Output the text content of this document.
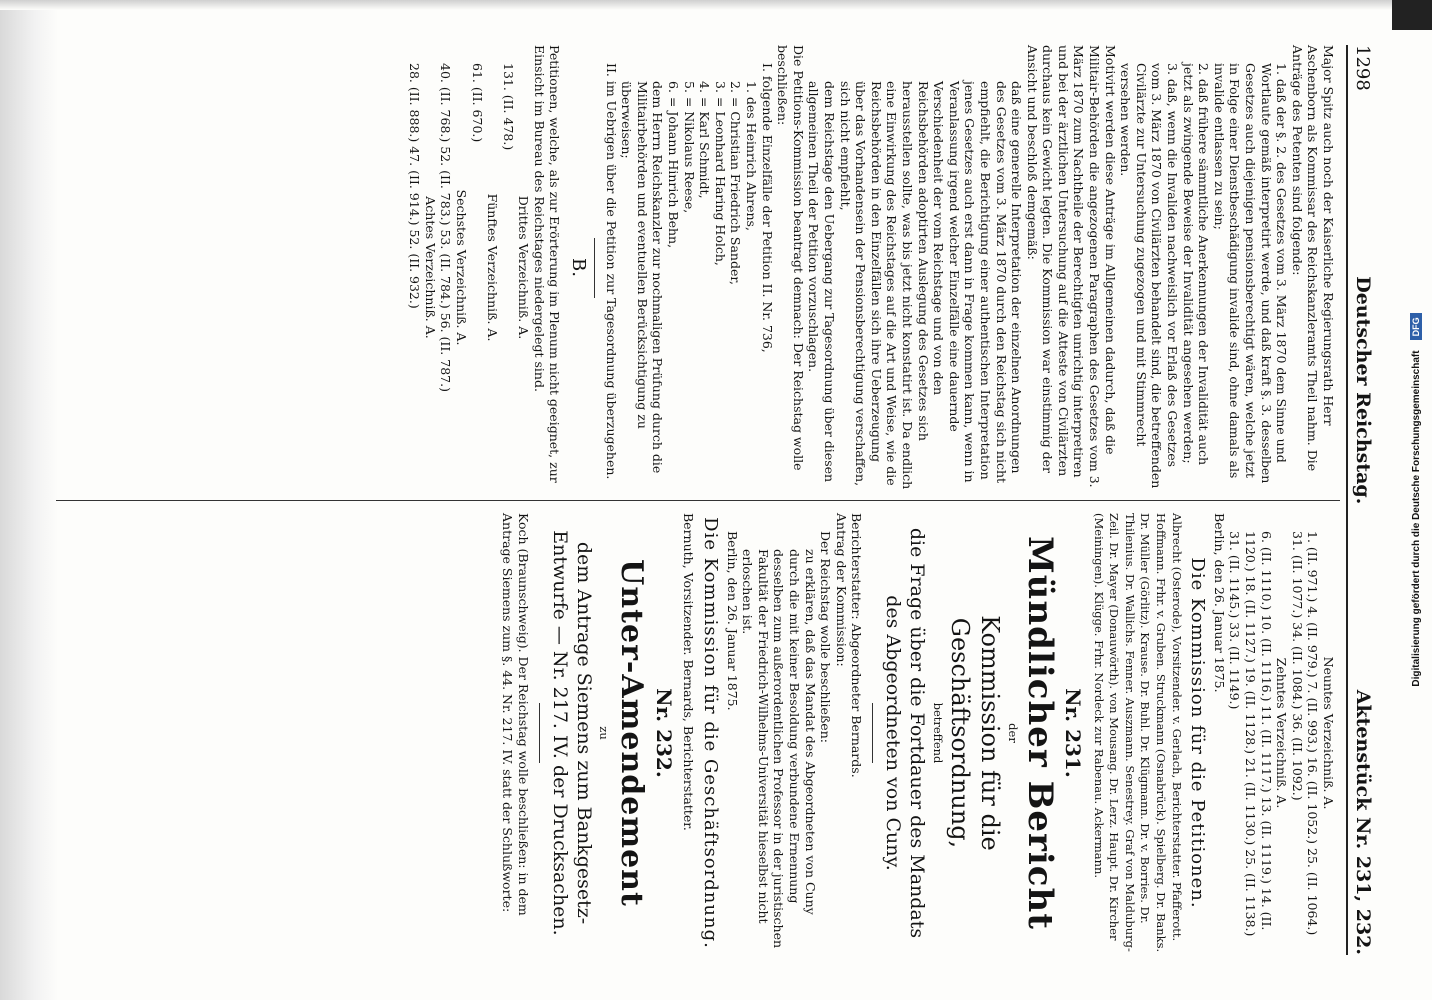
Digitalisierung gefördert durch die Deutsche Forschungsgemeinschaft
DFG
1298
Deutscher Reichstag.
Aktenstück Nr. 231, 232.

Major Spitz auch noch der Kaiserliche Regierungsrath Herr Aschenborn als Kommissar des Reichskanzleramts Theil nahm. Die Anträge des Petenten sind folgende:

1. daß der §. 2. des Gesetzes vom 3. März 1870 dem Sinne und Wortlaute gemäß interpretirt werde, und daß kraft §. 3. desselben Gesetzes auch diejenigen pensionsberechtigt wären, welche jetzt in Folge einer Dienstbeschädigung invalide sind, ohne damals als invalide entlassen zu sein;

2. daß frühere sämmtliche Anerkennungen der Invalidität auch jetzt als zwingende Beweise der Invalidität angesehen werden;

3. daß, wenn die Invaliden nachweislich vor Erlaß des Gesetzes vom 3. März 1870 von Civilärzten behandelt sind, die betreffenden Civilärzte zur Untersuchung zugezogen und mit Stimmrecht versehen werden.

Motivirt werden diese Anträge im Allgemeinen dadurch, daß die Militair-Behörden die angezogenen Paragraphen des Gesetzes vom 3. März 1870 zum Nachtheile der Berechtigten unrichtig interpretiren und bei der ärztlichen Untersuchung auf die Atteste von Civilärzten durchaus kein Gewicht legten. Die Kommission war einstimmig der Ansicht und beschloß demgemäß:

daß eine generelle Interpretation der einzelnen Anordnungen des Gesetzes vom 3. März 1870 durch den Reichstag sich nicht empfiehlt, die Berichtigung einer authentischen Interpretation jenes Gesetzes auch erst dann in Frage kommen kann, wenn in Veranlassung irgend welcher Einzelfälle eine dauernde Verschiedenheit der vom Reichstage und von den Reichsbehörden adoptirten Auslegung des Gesetzes sich herausstellen sollte, was bis jetzt nicht konstatirt ist. Da endlich eine Einwirkung des Reichstages auf die Art und Weise, wie die Reichsbehörden in den Einzelfällen sich ihre Ueberzeugung über das Vorhandensein der Pensionsberechtigung verschaffen, sich nicht empfiehlt,

dem Reichstage den Uebergang zur Tagesordnung über diesen allgemeinen Theil der Petition vorzuschlagen.

Die Petitions-Kommission beantragt demnach: Der Reichstag wolle beschließen:

I. folgende Einzelfälle der Petition II. Nr. 736,

1. des Heinrich Ahrens,

2. = Christian Friedrich Sander,

3. = Leonhard Haring Holch,

4. = Karl Schmidt,

5. = Nikolaus Reese,

6. = Johann Hinrich Behn,

dem Herrn Reichskanzler zur nochmaligen Prüfung durch die Militairbehörden und eventuellen Berücksichtigung zu überweisen;

II. im Uebrigen über die Petition zur Tagesordnung überzugehen.

B.

Petitionen, welche, als zur Erörterung im Plenum nicht geeignet, zur Einsicht im Bureau des Reichstages niedergelegt sind.

Drittes Verzeichniß. A.

131. (II. 478.)

Fünftes Verzeichniß. A.

61. (II. 670.)

Sechstes Verzeichniß. A.

40. (II. 768.) 52. (II. 783.) 53. (II. 784.) 56. (II. 787.)

Achtes Verzeichniß. A.

28. (II. 888.) 47. (II. 914.) 52. (II. 932.)

Neuntes Verzeichniß. A.

1. (II. 971.) 4. (II. 979.) 7. (II. 993.) 16. (II. 1052.) 25. (II. 1064.) 31. (II. 1077.) 34. (II. 1084.) 36. (II. 1092.)

Zehntes Verzeichniß. A.

6. (II. 1110.) 10. (II. 1116.) 11. (II. 1117.) 13. (II. 1119.) 14. (II. 1120.) 18. (II. 1127.) 19. (II. 1128.) 21. (II. 1130.) 25. (II. 1138.) 31. (II. 1145.) 33. (II. 1149.)

Berlin, den 26. Januar 1875.

Die Kommission für die Petitionen.

Albrecht (Osterode), Vorsitzender. v. Gerlach, Berichterstatter. Pfafferott. Hoffmann. Frhr. v. Gruben. Struckmann (Osnabrück). Spielberg. Dr. Banks. Dr. Müller (Görlitz). Krause. Dr. Buhl. Dr. Klügmann. Dr. v. Borries. Dr. Thilenius. Dr. Wallichs. Fenner. Auszmann. Senestrey. Graf von Malduburg-Zeil. Dr. Mayer (Donauwörth). von Mousang. Dr. Lerz. Haupt. Dr. Kircher (Meiningen). Klügge. Frhr. Nordeck zur Rabenau. Ackermann.

Nr. 231.

Mündlicher Bericht

der

Kommission für die Geschäftsordnung,

betreffend

die Frage über die Fortdauer des Mandats des Abgeordneten von Cuny.

Berichterstatter: Abgeordneter Bernards.

Antrag der Kommission:

Der Reichstag wolle beschließen:

zu erklären, daß das Mandat des Abgeordneten von Cuny durch die mit keiner Besoldung verbundene Ernennung desselben zum außerordentlichen Professor in der juristischen Fakultät der Friedrich-Wilhelms-Universität hieselbst nicht erloschen ist.

Berlin, den 26. Januar 1875.

Die Kommission für die Geschäftsordnung.

Bernuth, Vorsitzender. Bernards, Berichterstatter.

Nr. 232.

Unter-Amendement

zu

dem Antrage Siemens zum Bankgesetz-Entwurfe — Nr. 217. IV. der Drucksachen.

Koch (Braunschweig). Der Reichstag wolle beschließen: in dem Antrage Siemens zum §. 44. Nr. 217. IV. statt der Schlußworte:
